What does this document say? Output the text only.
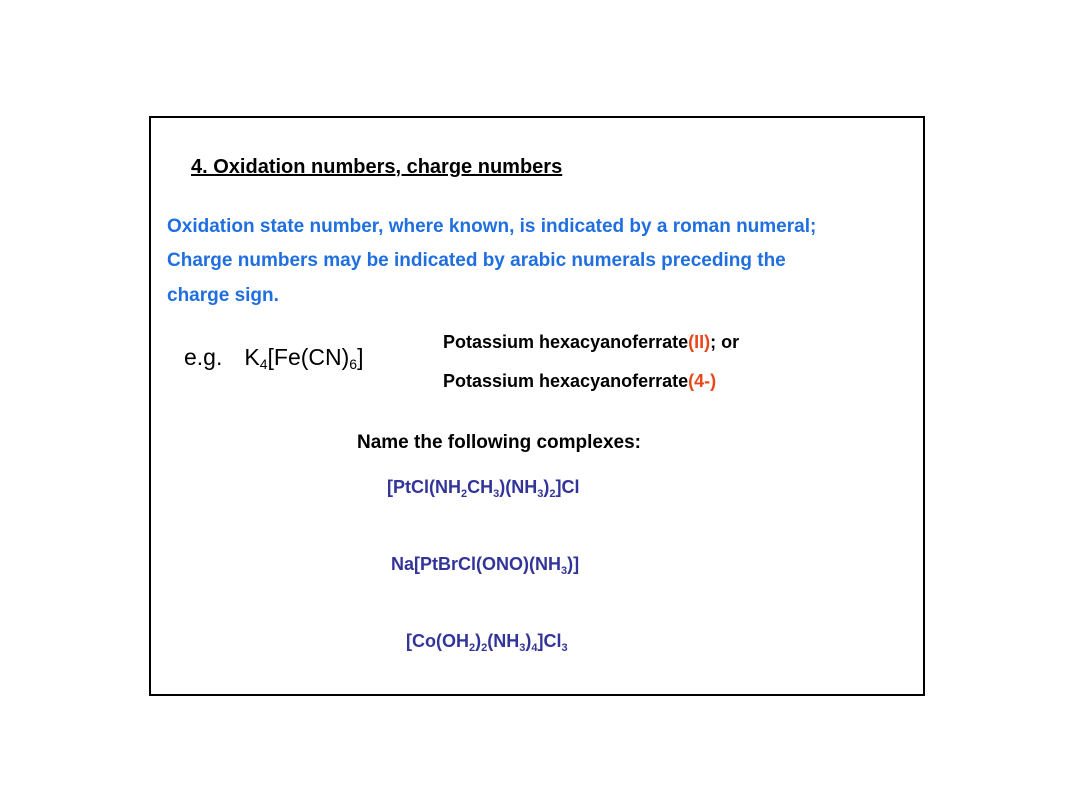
4. Oxidation numbers, charge numbers
Oxidation state number, where known, is indicated by a roman numeral;
Charge numbers may be indicated by arabic numerals preceding the
charge sign.
e.g. $K_4[Fe(CN)_6]$
Potassium hexacyanoferrate(II); or
Potassium hexacyanoferrate(4-)
Name the following complexes:
$[PtCl(NH_2CH_3)(NH_3)_2]Cl$
$Na[PtBrCl(ONO)(NH_3)]$
$[Co(OH_2)_2(NH_3)_4]Cl_3$
